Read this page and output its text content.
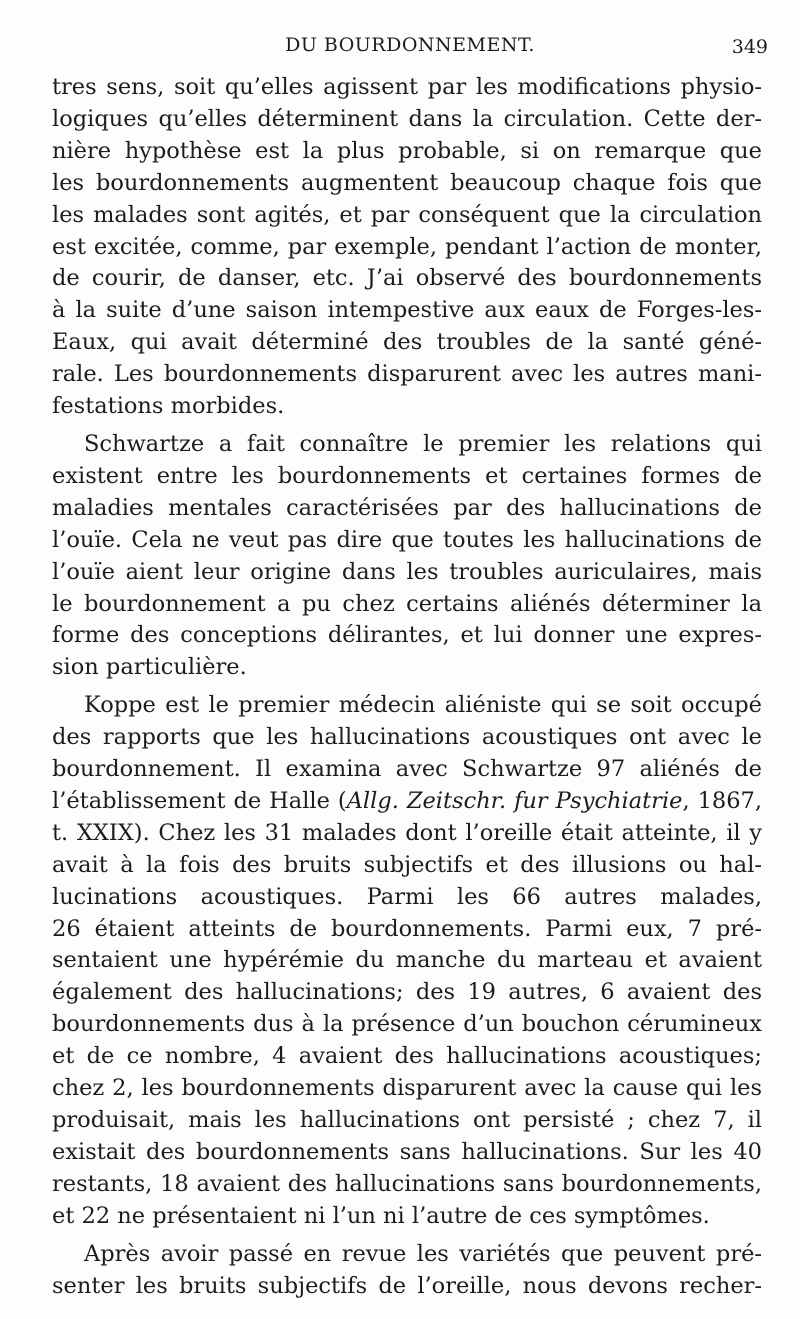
DU BOURDONNEMENT.	349

tres sens, soit qu’elles agissent par les modifications physio-

logiques qu’elles déterminent dans la circulation. Cette der-

nière hypothèse est la plus probable, si on remarque que

les bourdonnements augmentent beaucoup chaque fois que

les malades sont agités, et par conséquent que la circulation

est excitée, comme, par exemple, pendant l’action de monter,

de courir, de danser, etc. J’ai observé des bourdonnements

à la suite d’une saison intempestive aux eaux de Forges-les-

Eaux, qui avait déterminé des troubles de la santé géné-

rale. Les bourdonnements disparurent avec les autres mani-

festations morbides.

Schwartze a fait connaître le premier les relations qui

existent entre les bourdonnements et certaines formes de

maladies mentales caractérisées par des hallucinations de

l’ouïe. Cela ne veut pas dire que toutes les hallucinations de

l’ouïe aient leur origine dans les troubles auriculaires, mais

le bourdonnement a pu chez certains aliénés déterminer la

forme des conceptions délirantes, et lui donner une expres-

sion particulière.

Koppe est le premier médecin aliéniste qui se soit occupé

des rapports que les hallucinations acoustiques ont avec le

bourdonnement. Il examina avec Schwartze 97 aliénés de

l’établissement de Halle (Allg. Zeitschr. fur Psychiatrie, 1867,

t. XXIX). Chez les 31 malades dont l’oreille était atteinte, il y

avait à la fois des bruits subjectifs et des illusions ou hal-

lucinations acoustiques. Parmi les 66 autres malades,

26 étaient atteints de bourdonnements. Parmi eux, 7 pré-

sentaient une hypérémie du manche du marteau et avaient

également des hallucinations; des 19 autres, 6 avaient des

bourdonnements dus à la présence d’un bouchon cérumineux

et de ce nombre, 4 avaient des hallucinations acoustiques;

chez 2, les bourdonnements disparurent avec la cause qui les

produisait, mais les hallucinations ont persisté ; chez 7, il

existait des bourdonnements sans hallucinations. Sur les 40

restants, 18 avaient des hallucinations sans bourdonnements,

et 22 ne présentaient ni l’un ni l’autre de ces symptômes.

Après avoir passé en revue les variétés que peuvent pré-

senter les bruits subjectifs de l’oreille, nous devons recher-
